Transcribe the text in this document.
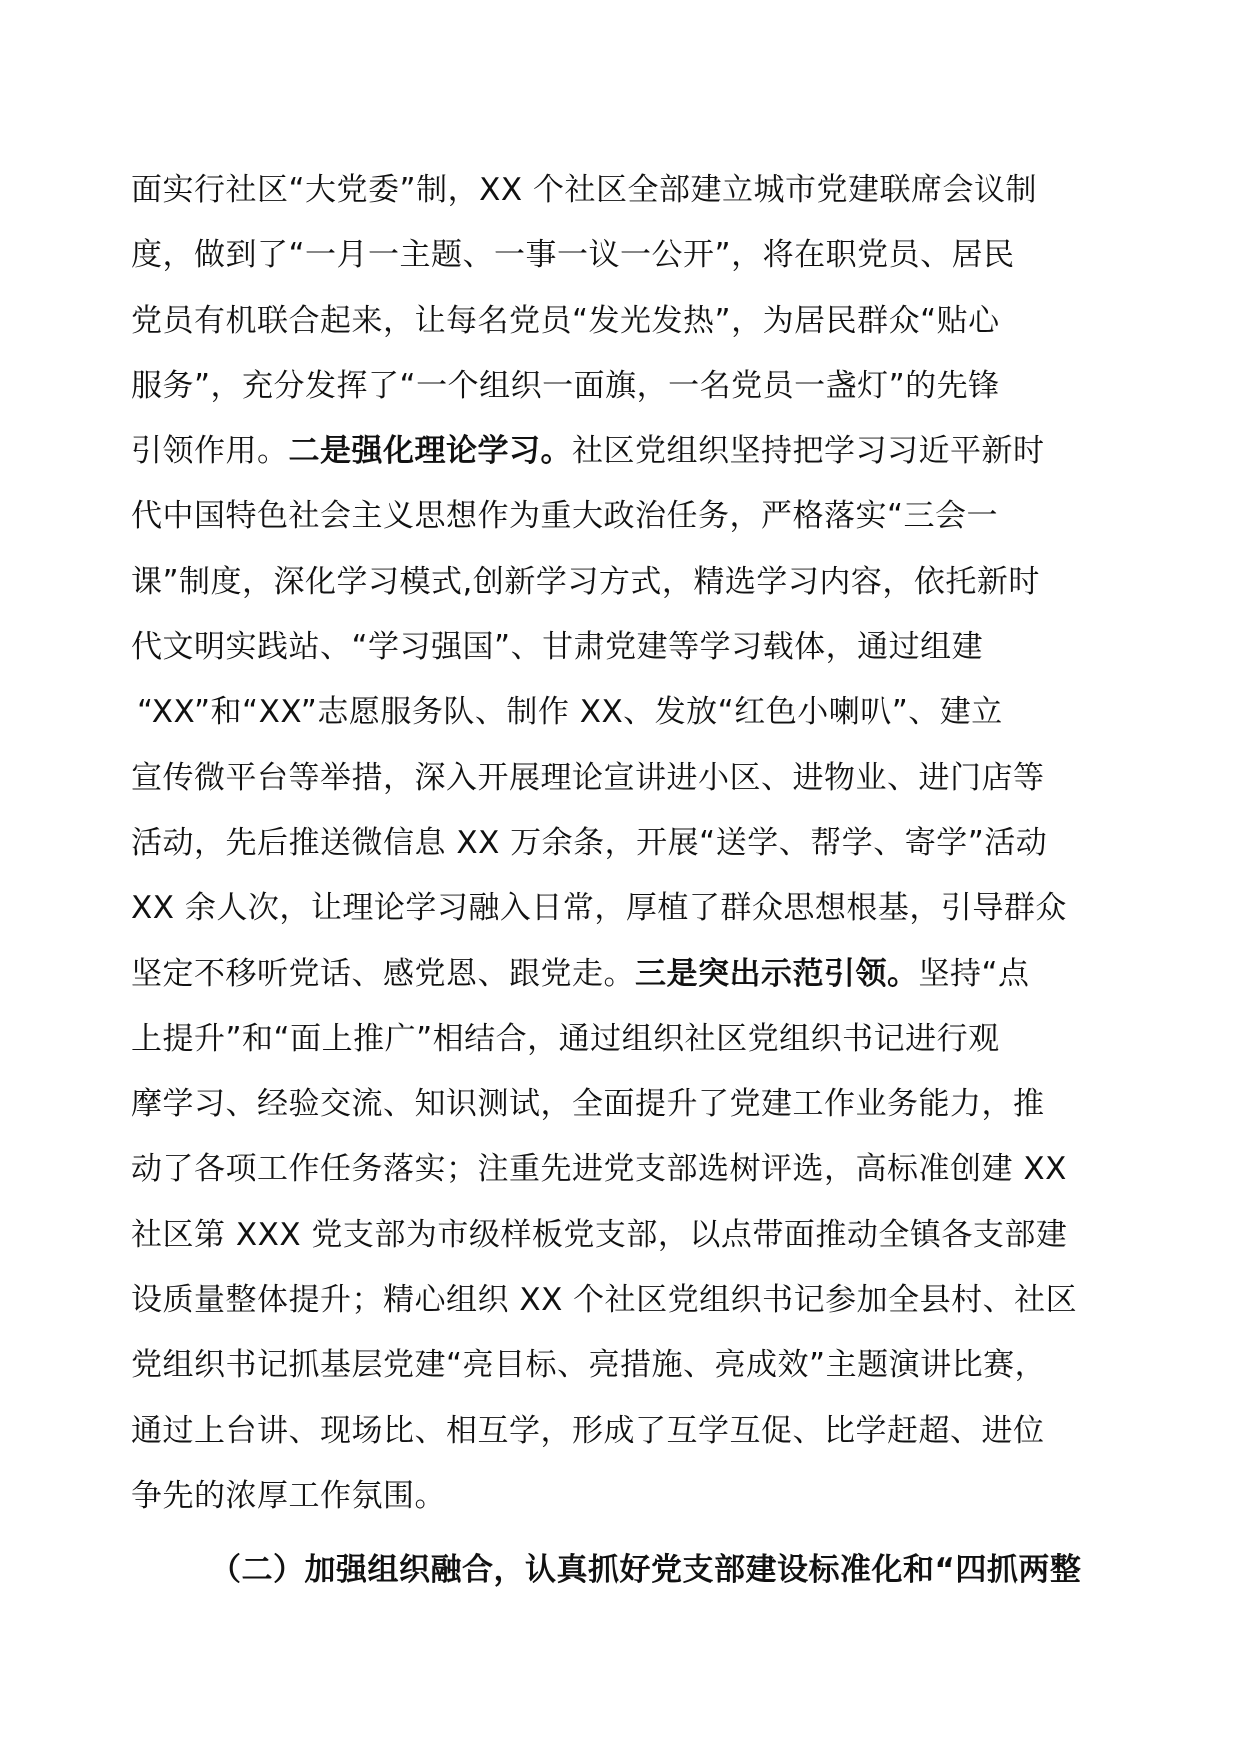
面实行社区“大党委”制，XX 个社区全部建立城市党建联席会议制
度，做到了“一月一主题、一事一议一公开”，将在职党员、居民
党员有机联合起来，让每名党员“发光发热”，为居民群众“贴心
服务”，充分发挥了“一个组织一面旗，一名党员一盏灯”的先锋
引领作用。二是强化理论学习。社区党组织坚持把学习习近平新时
代中国特色社会主义思想作为重大政治任务，严格落实“三会一
课”制度，深化学习模式,创新学习方式，精选学习内容，依托新时
代文明实践站、“学习强国”、甘肃党建等学习载体，通过组建
“XX”和“XX”志愿服务队、制作 XX、发放“红色小喇叭”、建立
宣传微平台等举措，深入开展理论宣讲进小区、进物业、进门店等
活动，先后推送微信息 XX 万余条，开展“送学、帮学、寄学”活动
XX 余人次，让理论学习融入日常，厚植了群众思想根基，引导群众
坚定不移听党话、感党恩、跟党走。三是突出示范引领。坚持“点
上提升”和“面上推广”相结合，通过组织社区党组织书记进行观
摩学习、经验交流、知识测试，全面提升了党建工作业务能力，推
动了各项工作任务落实；注重先进党支部选树评选，高标准创建 XX
社区第 XXX 党支部为市级样板党支部，以点带面推动全镇各支部建
设质量整体提升；精心组织 XX 个社区党组织书记参加全县村、社区
党组织书记抓基层党建“亮目标、亮措施、亮成效”主题演讲比赛，
通过上台讲、现场比、相互学，形成了互学互促、比学赶超、进位
争先的浓厚工作氛围。
（二）加强组织融合，认真抓好党支部建设标准化和“四抓两整
